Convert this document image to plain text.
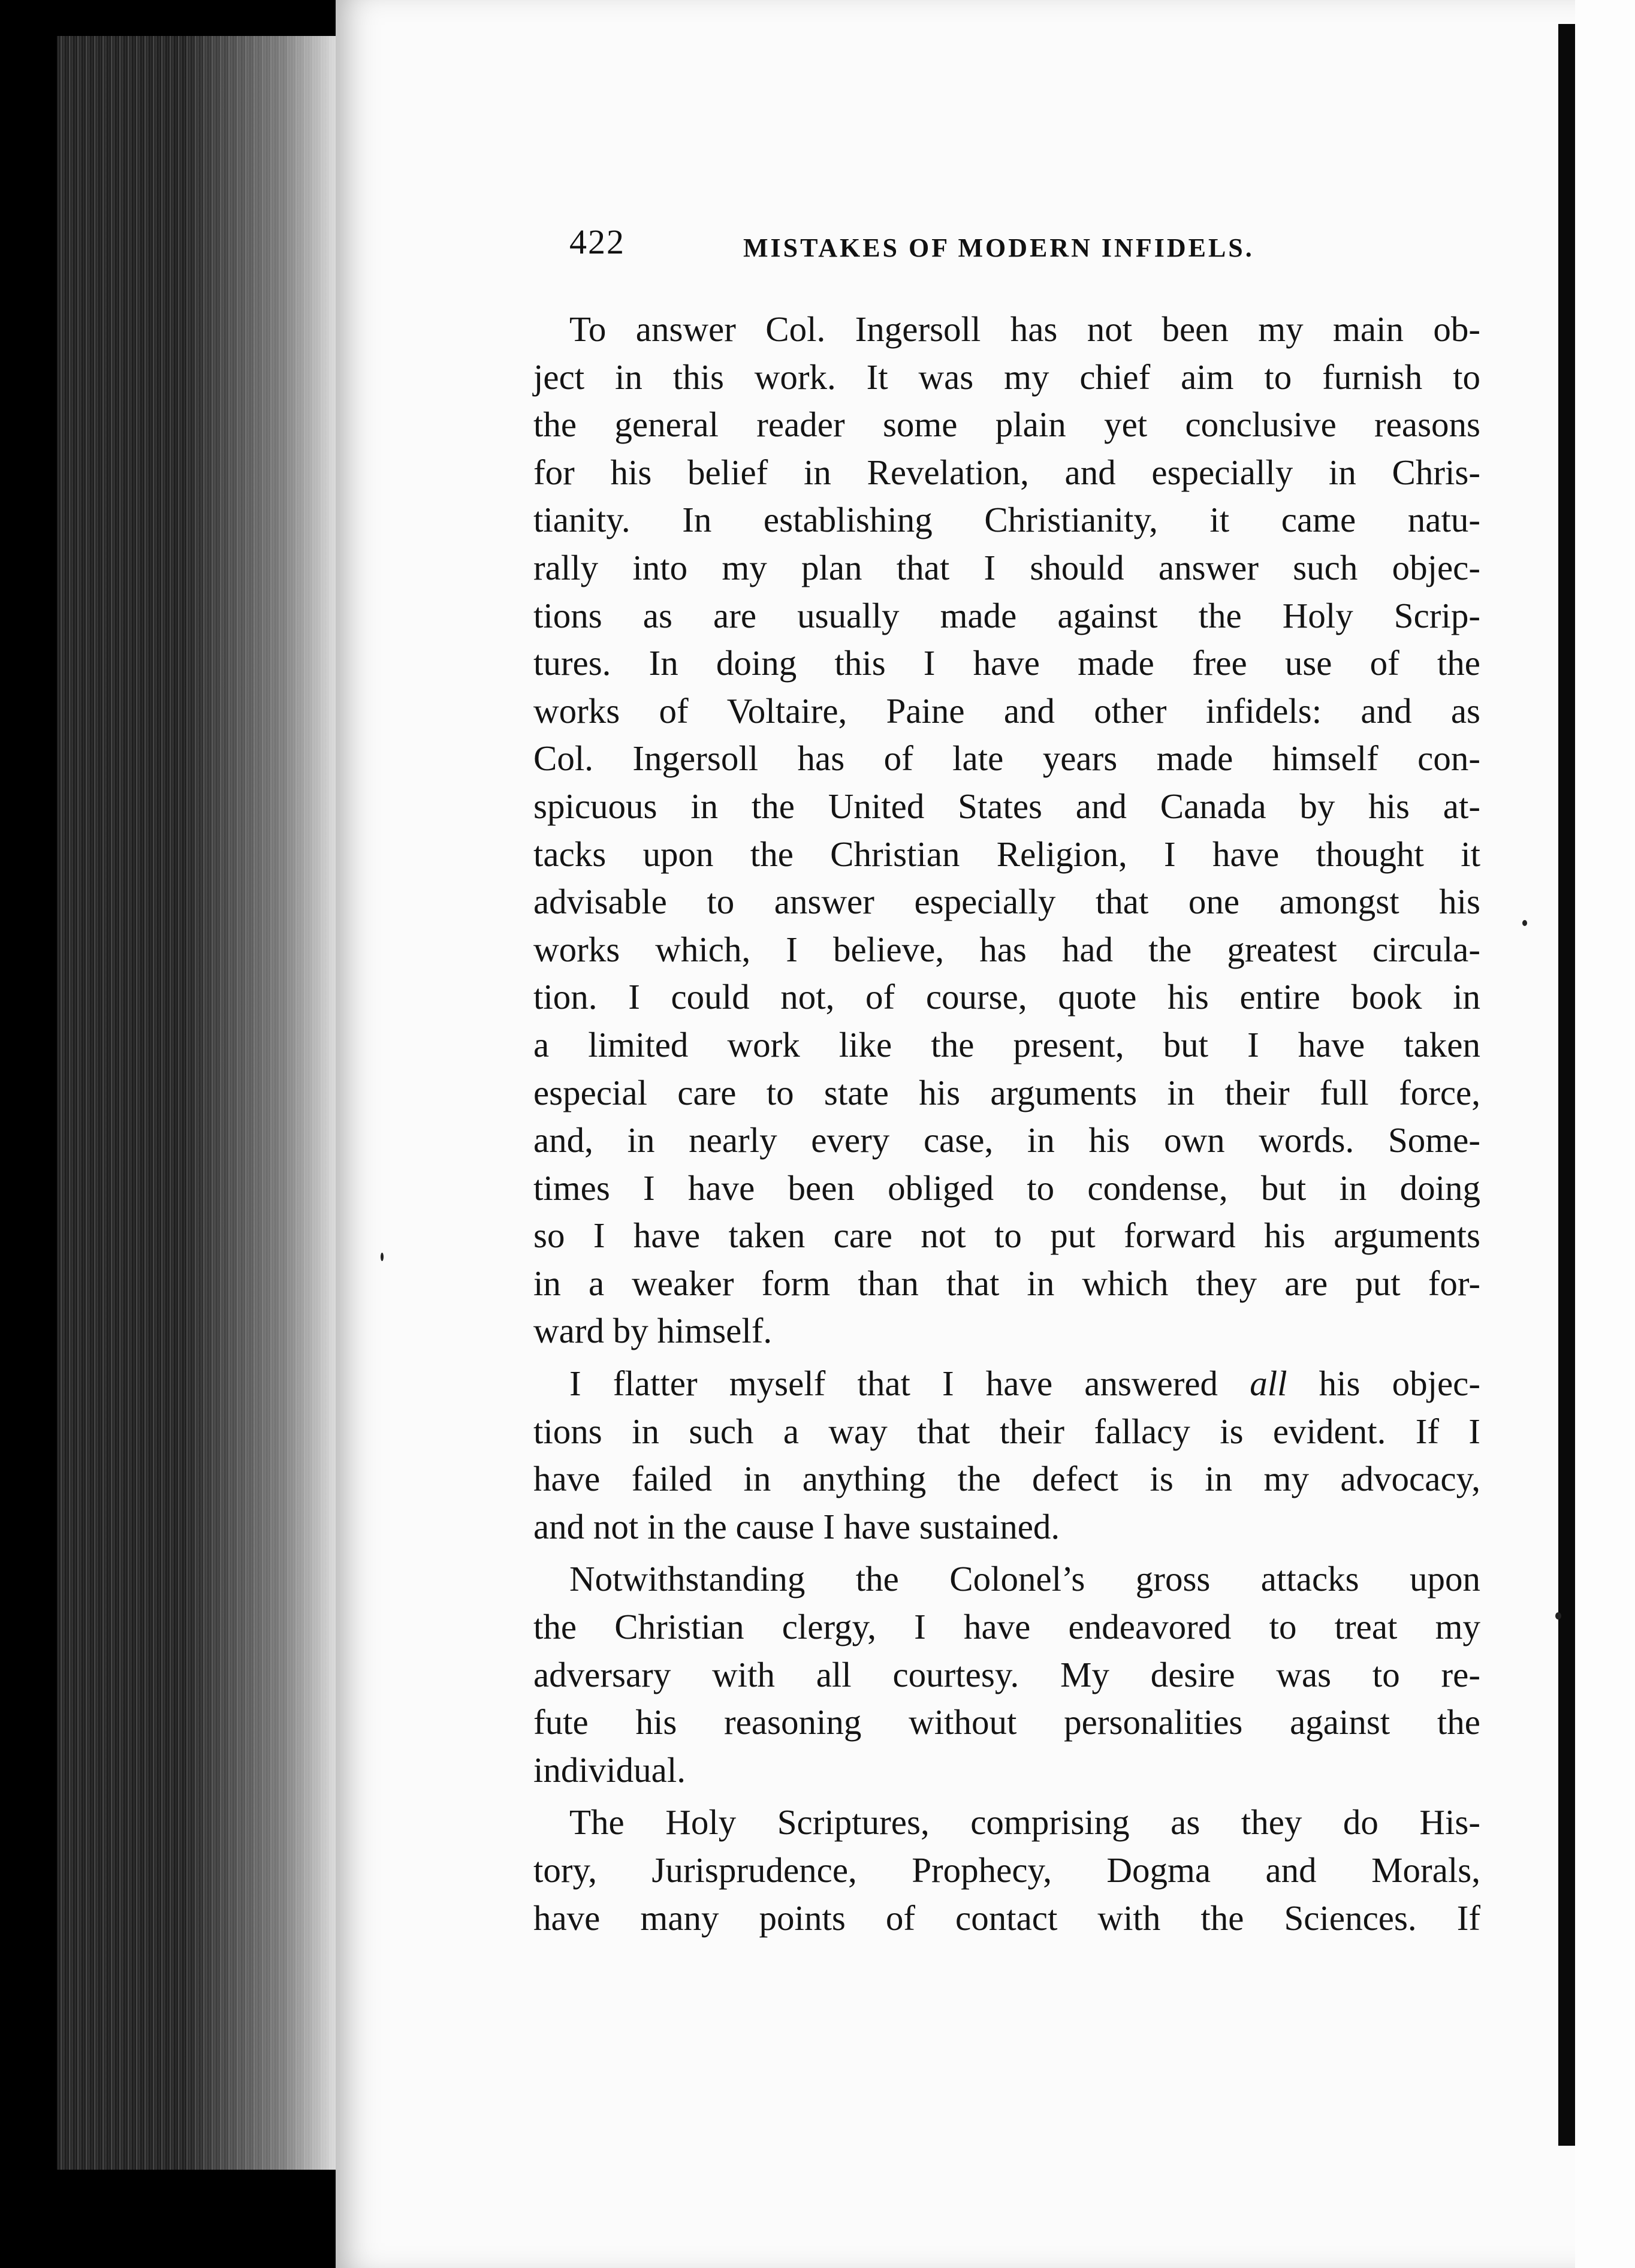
422	MISTAKES OF MODERN INFIDELS.
To answer Col. Ingersoll has not been my main ob-
ject in this work. It was my chief aim to furnish to
the general reader some plain yet conclusive reasons
for his belief in Revelation, and especially in Chris-
tianity. In establishing Christianity, it came natu-
rally into my plan that I should answer such objec-
tions as are usually made against the Holy Scrip-
tures. In doing this I have made free use of the
works of Voltaire, Paine and other infidels: and as
Col. Ingersoll has of late years made himself con-
spicuous in the United States and Canada by his at-
tacks upon the Christian Religion, I have thought it
advisable to answer especially that one amongst his
works which, I believe, has had the greatest circula-
tion. I could not, of course, quote his entire book in
a limited work like the present, but I have taken
especial care to state his arguments in their full force,
and, in nearly every case, in his own words. Some-
times I have been obliged to condense, but in doing
so I have taken care not to put forward his arguments
in a weaker form than that in which they are put for-
ward by himself.
I flatter myself that I have answered all his objec-
tions in such a way that their fallacy is evident. If I
have failed in anything the defect is in my advocacy,
and not in the cause I have sustained.
Notwithstanding the Colonel’s gross attacks upon
the Christian clergy, I have endeavored to treat my
adversary with all courtesy. My desire was to re-
fute his reasoning without personalities against the
individual.
The Holy Scriptures, comprising as they do His-
tory, Jurisprudence, Prophecy, Dogma and Morals,
have many points of contact with the Sciences. If
